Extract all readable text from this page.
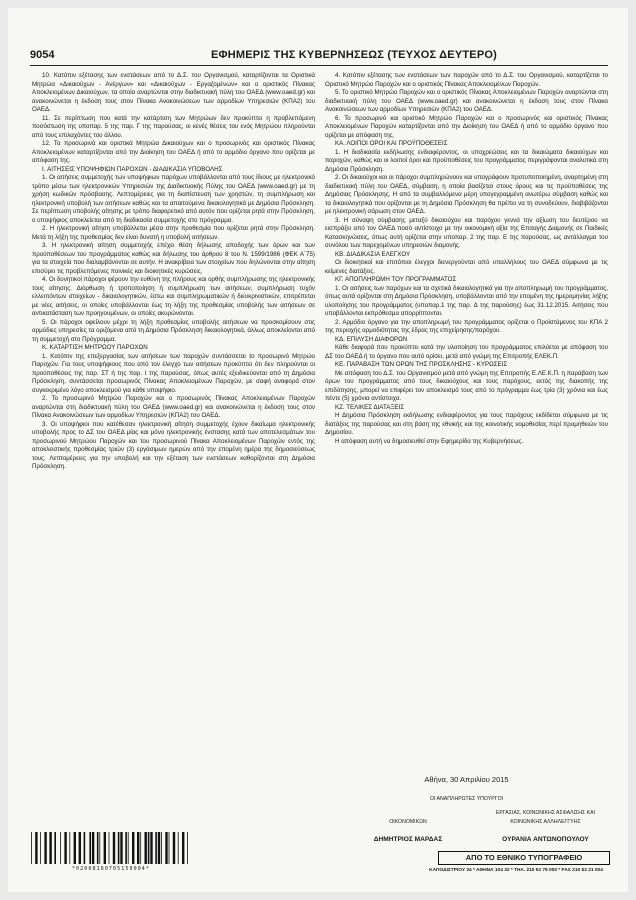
9054	ΕΦΗΜΕΡΙΣ ΤΗΣ ΚΥΒΕΡΝΗΣΕΩΣ (ΤΕΥΧΟΣ ΔΕΥΤΕΡΟ)

10. Κατόπιν εξέτασης των ενστάσεων από το Δ.Σ. του Οργανισμού, καταρτίζονται τα Οριστικά Μητρώα «Δικαιούχων - Ανέργων» και «Δικαιούχων - Εργαζομένων» και ο οριστικός Πίνακας Αποκλειομένων Δικαιούχων, τα οποία αναρτώνται στην διαδικτυακή πύλη του ΟΑΕΔ (www.oaed.gr) και ανακοινώνεται η έκδοση τους στον Πίνακα Ανακοινώσεων των αρμοδίων Υπηρεσιών (ΚΠΑ2) του ΟΑΕΔ.

11. Σε περίπτωση που κατά την κατάρτιση των Μητρώων δεν προκύπτει η προβλεπόμενη ποσόστωση της υποπαρ. 5 της παρ. Γ της παρούσας, οι κενές θέσεις του ενός Μητρώου πληρούνται από τους επιλαχόντες του άλλου.

12. Τα προσωρινά και οριστικά Μητρώα Δικαιούχων και ο προσωρινός και οριστικός Πίνακας Αποκλειομένων καταρτίζονται από την Διοίκηση του ΟΑΕΔ ή από το αρμόδιο όργανο που ορίζεται με απόφαση της.

I. ΑΙΤΗΣΕΙΣ ΥΠΟΨΗΦΙΩΝ ΠΑΡΟΧΩΝ - ΔΙΑΔΙΚΑΣΙΑ ΥΠΟΒΟΛΗΣ

1. Οι αιτήσεις συμμετοχής των υποψήφιων παρόχων υποβάλλονται από τους ίδιους με ηλεκτρονικό τρόπο μέσω των ηλεκτρονικών Υπηρεσιών της Διαδικτυακής Πύλης του ΟΑΕΔ (www.oaed.gr) με τη χρήση κωδικών πρόσβασης. Λεπτομέρειες για τη διαπίστευση των χρηστών, τη συμπλήρωση και ηλεκτρονική υποβολή των αιτήσεων καθώς και τα απαιτούμενα δικαιολογητικά με Δημόσια Πρόσκληση. Σε περίπτωση υποβολής αίτησης με τρόπο διαφορετικό από αυτόν που ορίζεται ρητά στην Πρόσκληση, ο υποψήφιος αποκλείεται από τη διαδικασία συμμετοχής στο πρόγραμμα.

2. Η ηλεκτρονική αίτηση υποβάλλεται μέσα στην προθεσμία που ορίζεται ρητά στην Πρόσκληση. Μετά τη λήξη της προθεσμίας δεν είναι δυνατή η υποβολή αιτήσεων.

3. Η ηλεκτρονική αίτηση συμμετοχής επέχει θέση δήλωσης αποδοχής των όρων και των προϋποθέσεων του προγράμματος καθώς και δήλωσης του άρθρου 8 του Ν. 1599/1986 (ΦΕΚ Α΄75) για τα στοιχεία που διαλαμβάνονται σε αυτήν. Η ανακρίβεια των στοιχείων που δηλώνονται στην αίτηση επισύρει τις προβλεπόμενες ποινικές και διοικητικές κυρώσεις.

4. Οι δυνητικοί πάροχοι φέρουν την ευθύνη της πλήρους και ορθής συμπλήρωσης της ηλεκτρονικής τους αίτησης. Διόρθωση ή τροποποίηση ή συμπλήρωση των αιτήσεων, συμπλήρωση τυχόν ελλειπόντων στοιχείων - δικαιολογητικών, έστω και συμπληρωματικών ή διευκρινιστικών, επιτρέπεται με νέες αιτήσεις, οι οποίες υποβάλλονται έως τη λήξη της προθεσμίας υποβολής των αιτήσεων σε αντικατάσταση των προηγουμένων, οι οποίες ακυρώνονται.

5. Οι πάροχοι οφείλουν μέχρι τη λήξη προθεσμίας υποβολής αιτήσεων να προσκομίσουν στις αρμόδιες υπηρεσίες τα οριζόμενα από τη Δημόσια Πρόσκληση δικαιολογητικά, άλλως αποκλείονται από τη συμμετοχή στο Πρόγραμμα.

Κ. ΚΑΤΑΡΤΙΣΗ ΜΗΤΡΩΟΥ ΠΑΡΟΧΩΝ

1. Κατόπιν της επεξεργασίας των αιτήσεων των παροχών συντάσσεται το προσωρινό Μητρώο Παροχών. Για τους υποψήφιους που από τον έλεγχο των αιτήσεων προκύπτει ότι δεν πληρούνται οι προϋποθέσεις της παρ. ΣΤ ή της παρ. Ι της παρούσας, όπως αυτές εξειδικεύονται από τη Δημόσια Πρόσκληση, συντάσσεται προσωρινός Πίνακας Αποκλειομένων Παροχών, με σαφή αναφορά στον συγκεκριμένο λόγο αποκλεισμού για κάθε υποψήφιο.

2. Το προσωρινό Μητρώο Παροχών και ο προσωρινός Πίνακας Αποκλειομένων Παροχών αναρτώνται στη διαδικτυακή πύλη του ΟΑΕΔ (www.oaed.gr) και ανακοινώνεται η έκδοση τους στον Πίνακα Ανακοινώσεων των αρμοδίων Υπηρεσιών (ΚΠΑ2) του ΟΑΕΔ.

3. Οι υποψήφιοι που κατέθεσαν ηλεκτρονική αίτηση συμμετοχής έχουν δικαίωμα ηλεκτρονικής υποβολής προς το ΔΣ του ΟΑΕΔ μίας και μόνο ηλεκτρονικής ένστασης κατά των αποτελεσμάτων του προσωρινού Μητρώου Παροχών και του προσωρινού Πίνακα Αποκλειομένων Παροχών εντός της αποκλειστικής προθεσμίας τριών (3) εργάσιμων ημερών από την επομένη ημέρα της δημοσιεύσεως τους. Λεπτομέρειες για την υποβολή και την εξέταση των ενστάσεων καθορίζονται στη Δημόσια Πρόσκληση.

4. Κατόπιν εξέτασης των ενστάσεων των παροχών από το Δ.Σ. του Οργανισμού, καταρτίζεται το Οριστικό Μητρώο Παροχών και ο οριστικός Πίνακας Αποκλειομένων Παροχών.

5. Το οριστικό Μητρώο Παροχών και ο οριστικός Πίνακας Αποκλειομένων Παροχών αναρτώνται στη διαδικτυακή πύλη του ΟΑΕΔ (www.oaed.gr) και ανακοινώνεται η έκδοση τους στον Πίνακα Ανακοινώσεων των αρμοδίων Υπηρεσιών (ΚΠΑ2) του ΟΑΕΔ.

6. Το προσωρινό και οριστικό Μητρώο Παροχών και ο προσωρινός και οριστικός Πίνακας Αποκλειομένων Παροχών καταρτίζονται από την Διοίκηση του ΟΑΕΔ ή από το αρμόδιο όργανο που ορίζεται με απόφαση της.

ΚΑ. ΛΟΙΠΟΙ ΟΡΟΙ ΚΑΙ ΠΡΟΫΠΟΘΕΣΕΙΣ

1. Η διαδικασία εκδήλωσης ενδιαφέροντος, οι υποχρεώσεις και τα δικαιώματα δικαιούχων και παροχών, καθώς και οι λοιποί όροι και προϋποθέσεις του προγράμματος περιγράφονται αναλυτικά στη Δημόσια Πρόσκληση.

2. Οι δικαιούχοι και οι πάροχοι συμπληρώνουν και υπογράφουν προτυποποιημένη, αναρτημένη στη διαδικτυακή πύλη του ΟΑΕΔ, σύμβαση, η οποία βασίζεται στους όρους και τις προϋποθέσεις της Δημόσιας Πρόσκλησης. Η από τα συμβαλλόμενα μέρη υπογεγραμμένη ανωτέρω σύμβαση καθώς και τα δικαιολογητικά που ορίζονται με τη Δημόσια Πρόσκληση θα πρέπει να τη συνοδεύουν, διαβιβάζονται με ηλεκτρονική σάρωση στον ΟΑΕΔ.

3. Η σύναψη σύμβασης μεταξύ δικαιούχου και παρόχου γεννά την αξίωση του δευτέρου να εισπράξει από τον ΟΑΕΔ ποσό αντίστοιχο με την οικονομική αξία της Επιταγής Διαμονής σε Παιδικές Κατασκηνώσεις, όπως αυτή ορίζεται στην υποπαρ. 2 της παρ. Ε της παρούσας, ως αντάλλαγμα του συνόλου των παρεχομένων υπηρεσιών διαμονής.

ΚΒ. ΔΙΑΔΙΚΑΣΙΑ ΕΛΕΓΧΟΥ

Οι διοικητικοί και επιτόπιοι έλεγχοι διενεργούνται από υπαλλήλους του ΟΑΕΔ σύμφωνα με τις κείμενες διατάξεις.

ΚΓ. ΑΠΟΠΛΗΡΩΜΗ ΤΟΥ ΠΡΟΓΡΑΜΜΑΤΟΣ

1. Οι αιτήσεις των παρόχων και τα σχετικά δικαιολογητικά για την αποπληρωμή του προγράμματος, όπως αυτά ορίζονται στη Δημόσια Πρόσκληση, υποβάλλονται από την επομένη της ημερομηνίας λήξης υλοποίησης του προγράμματος (υποπαρ.1 της παρ. Δ της παρούσης) έως 31.12.2015. Αιτήσεις που υποβάλλονται εκπρόθεσμα απορρίπτονται.

2. Αρμόδιο όργανο για την αποπληρωμή του προγράμματος ορίζεται ο Προϊστάμενος του ΚΠΑ 2 της περιοχής αρμοδιότητας της έδρας της επιχείρησης/παρόχου.

ΚΔ. ΕΠΙΛΥΣΗ ΔΙΑΦΟΡΩΝ

Κάθε διαφορά που προκύπτει κατά την υλοποίηση του προγράμματος επιλύεται με απόφαση του ΔΣ του ΟΑΕΔ ή το όργανο που αυτό ορίσει, μετά από γνώμη της Επιτροπής ΕΛΕΚ.Π.

ΚΕ. ΠΑΡΑΒΑΣΗ ΤΩΝ ΟΡΩΝ ΤΗΣ ΠΡΟΣΚΛΗΣΗΣ - ΚΥΡΩΣΕΙΣ

Με απόφαση του Δ.Σ. του Οργανισμού μετά από γνώμη της Επιτροπής Ε.ΛΕ.Κ.Π. η παράβαση των όρων του προγράμματος από τους δικαιούχους και τους παρόχους, εκτός της διακοπής της επιδότησης, μπορεί να επιφέρει τον αποκλεισμό τους από το πρόγραμμα έως τρία (3) χρόνια και έως πέντε (5) χρόνια αντίστοιχα.

ΚΖ. ΤΕΛΙΚΕΣ ΔΙΑΤΑΞΕΙΣ

Η Δημόσια Πρόσκληση εκδήλωσης ενδιαφέροντος για τους παρόχους εκδίδεται σύμφωνα με τις διατάξεις της παρούσας και στη βάση της εθνικής και της κοινοτικής νομοθεσίας περί προμηθειών του Δημοσίου.

Η απόφαση αυτή να δημοσιευθεί στην Εφημερίδα της Κυβερνήσεως.

Αθήνα, 30 Απριλίου 2015
ΟΙ ΑΝΑΠΛΗΡΩΤΕΣ ΥΠΟΥΡΓΟΙ
ΟΙΚΟΝΟΜΙΚΩΝ
ΔΗΜΗΤΡΙΟΣ ΜΑΡΔΑΣ
ΕΡΓΑΣΙΑΣ, ΚΟΙΝΩΝΙΚΗΣ ΑΣΦΑΛΙΣΗΣ ΚΑΙ
ΚΟΙΝΩΝΙΚΗΣ ΑΛΛΗΛΕΓΓΥΗΣ
ΟΥΡΑΝΙΑ ΑΝΤΩΝΟΠΟΥΛΟΥ
*02008160705150004*
ΑΠΟ ΤΟ ΕΘΝΙΚΟ ΤΥΠΟΓΡΑΦΕΙΟ
ΚΑΠΟΔΙΣΤΡΙΟΥ 34 * ΑΘΗΝΑ 104 32 * ΤΗΛ. 210 52 79 000 * FAX 210 52 21 004
